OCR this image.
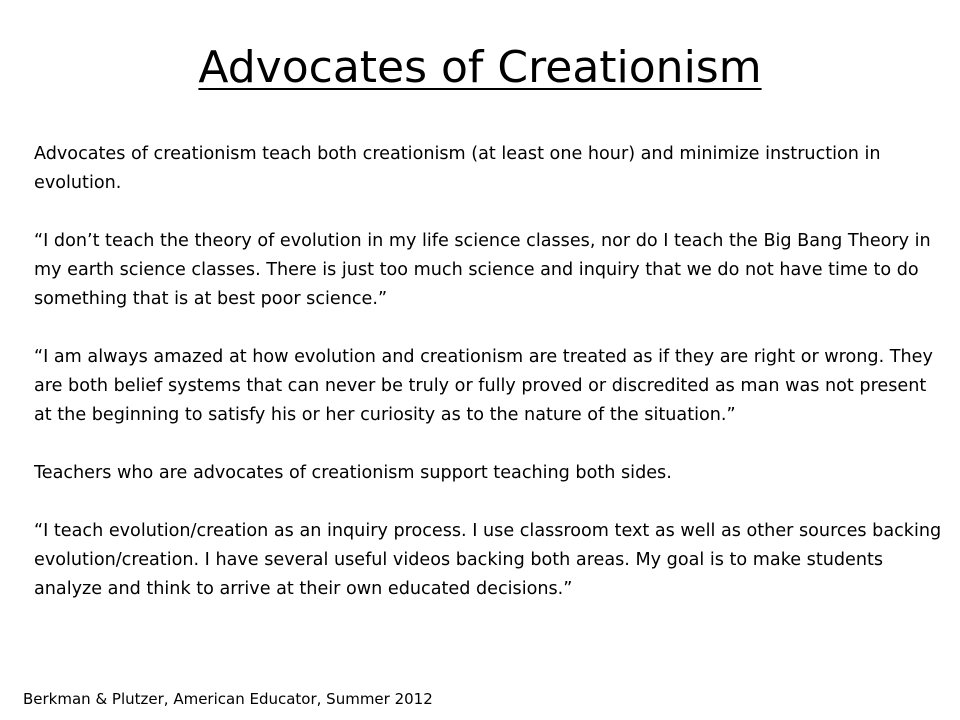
Advocates of Creationism

Advocates of creationism teach both creationism (at least one hour) and minimize instruction in evolution.

“I don’t teach the theory of evolution in my life science classes, nor do I teach the Big Bang Theory in my earth science classes. There is just too much science and inquiry that we do not have time to do something that is at best poor science.”

“I am always amazed at how evolution and creationism are treated as if they are right or wrong. They are both belief systems that can never be truly or fully proved or discredited as man was not present at the beginning to satisfy his or her curiosity as to the nature of the situation.”

Teachers who are advocates of creationism support teaching both sides.

“I teach evolution/creation as an inquiry process. I use classroom text as well as other sources backing evolution/creation. I have several useful videos backing both areas. My goal is to make students analyze and think to arrive at their own educated decisions.”

Berkman & Plutzer, American Educator, Summer 2012
